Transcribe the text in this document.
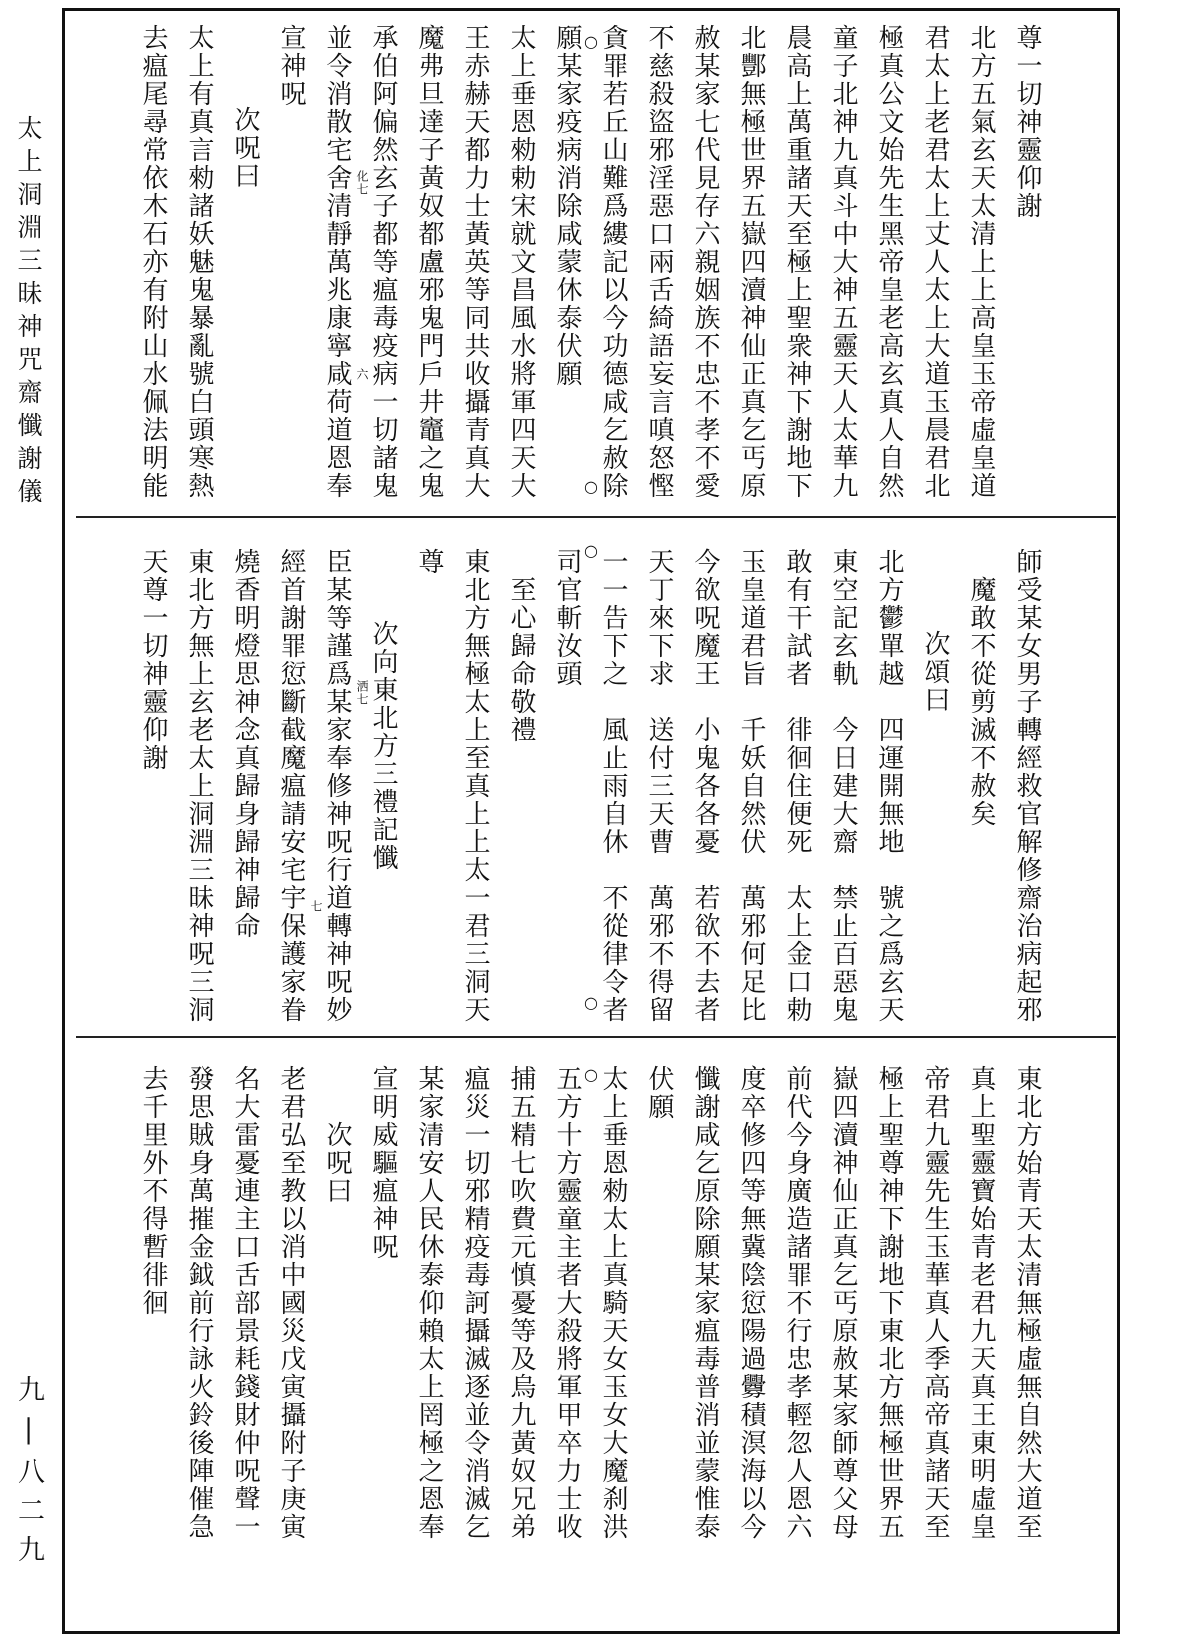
太上洞淵三昧神咒齋懺謝儀
九|八二九
尊一切神靈仰謝
北方五氣玄天太清上上高皇玉帝虛皇道
君太上老君太上丈人太上大道玉晨君北
極真公文始先生黑帝皇老高玄真人自然
童子北神九真斗中大神五靈天人太華九
晨高上萬重諸天至極上聖衆神下謝地下
北酆無極世界五嶽四瀆神仙正真乞丐原
赦某家七代見存六親姻族不忠不孝不愛
不慈殺盜邪淫惡口兩舌綺語妄言嗔怒慳
貪罪若丘山難爲縷記以今功德咸乞赦除
願某家疫病消除咸蒙休泰伏願
太上垂恩勑勅宋就文昌風水將軍四天大
王赤赫天都力士黃英等同共收攝青真大
魔弗旦達子黃奴都盧邪鬼門戶井竈之鬼
承伯阿偏然玄子都等瘟毒疫病一切諸鬼
並令消散宅舍清靜萬兆康寧咸荷道恩奉
宣神呪
次呪曰
太上有真言勑諸妖魅鬼暴亂號白頭寒熱
去瘟尾尋常依木石亦有附山水佩法明能
師受某女男子轉經救官解修齋治病起邪
魔敢不從剪滅不赦矣
次頌曰
北方鬱單越　四運開無地　號之爲玄天
東空記玄軌　今日建大齋　禁止百惡鬼
敢有干試者　徘徊住便死　太上金口勅
玉皇道君旨　千妖自然伏　萬邪何足比
今欲呪魔王　小鬼各各憂　若欲不去者
天丁來下求　送付三天曹　萬邪不得留
一一告下之　風止雨自休　不從律令者
司官斬汝頭
至心歸命敬禮
東北方無極太上至真上上太一君三洞天
尊
次向東北方三禮記懺
臣某等謹爲某家奉修神呪行道轉神呪妙
經首謝罪愆斷截魔瘟請安宅宇保護家眷
燒香明燈思神念真歸身歸神歸命
東北方無上玄老太上洞淵三昧神呪三洞
天尊一切神靈仰謝
東北方始青天太清無極虛無自然大道至
真上聖靈寶始青老君九天真王東明虛皇
帝君九靈先生玉華真人季高帝真諸天至
極上聖尊神下謝地下東北方無極世界五
嶽四瀆神仙正真乞丐原赦某家師尊父母
前代今身廣造諸罪不行忠孝輕忽人恩六
度卒修四等無冀陰愆陽過釁積溟海以今
懺謝咸乞原除願某家瘟毒普消並蒙惟泰
伏願
太上垂恩勑太上真騎天女玉女大魔刹洪
五方十方靈童主者大殺將軍甲卒力士收
捕五精七吹費元慎憂等及烏九黃奴兄弟
瘟災一切邪精疫毒訶攝滅逐並令消滅乞
某家清安人民休泰仰賴太上罔極之恩奉
宣明威驅瘟神呪
次呪曰
老君弘至教以消中國災戊寅攝附子庚寅
名大雷憂連主口舌部景耗錢財仲呪聲一
發思賊身萬摧金鉞前行詠火鈴後陣催急
去千里外不得暫徘徊
化七
六
洒七
七
○
○
○
○
○
